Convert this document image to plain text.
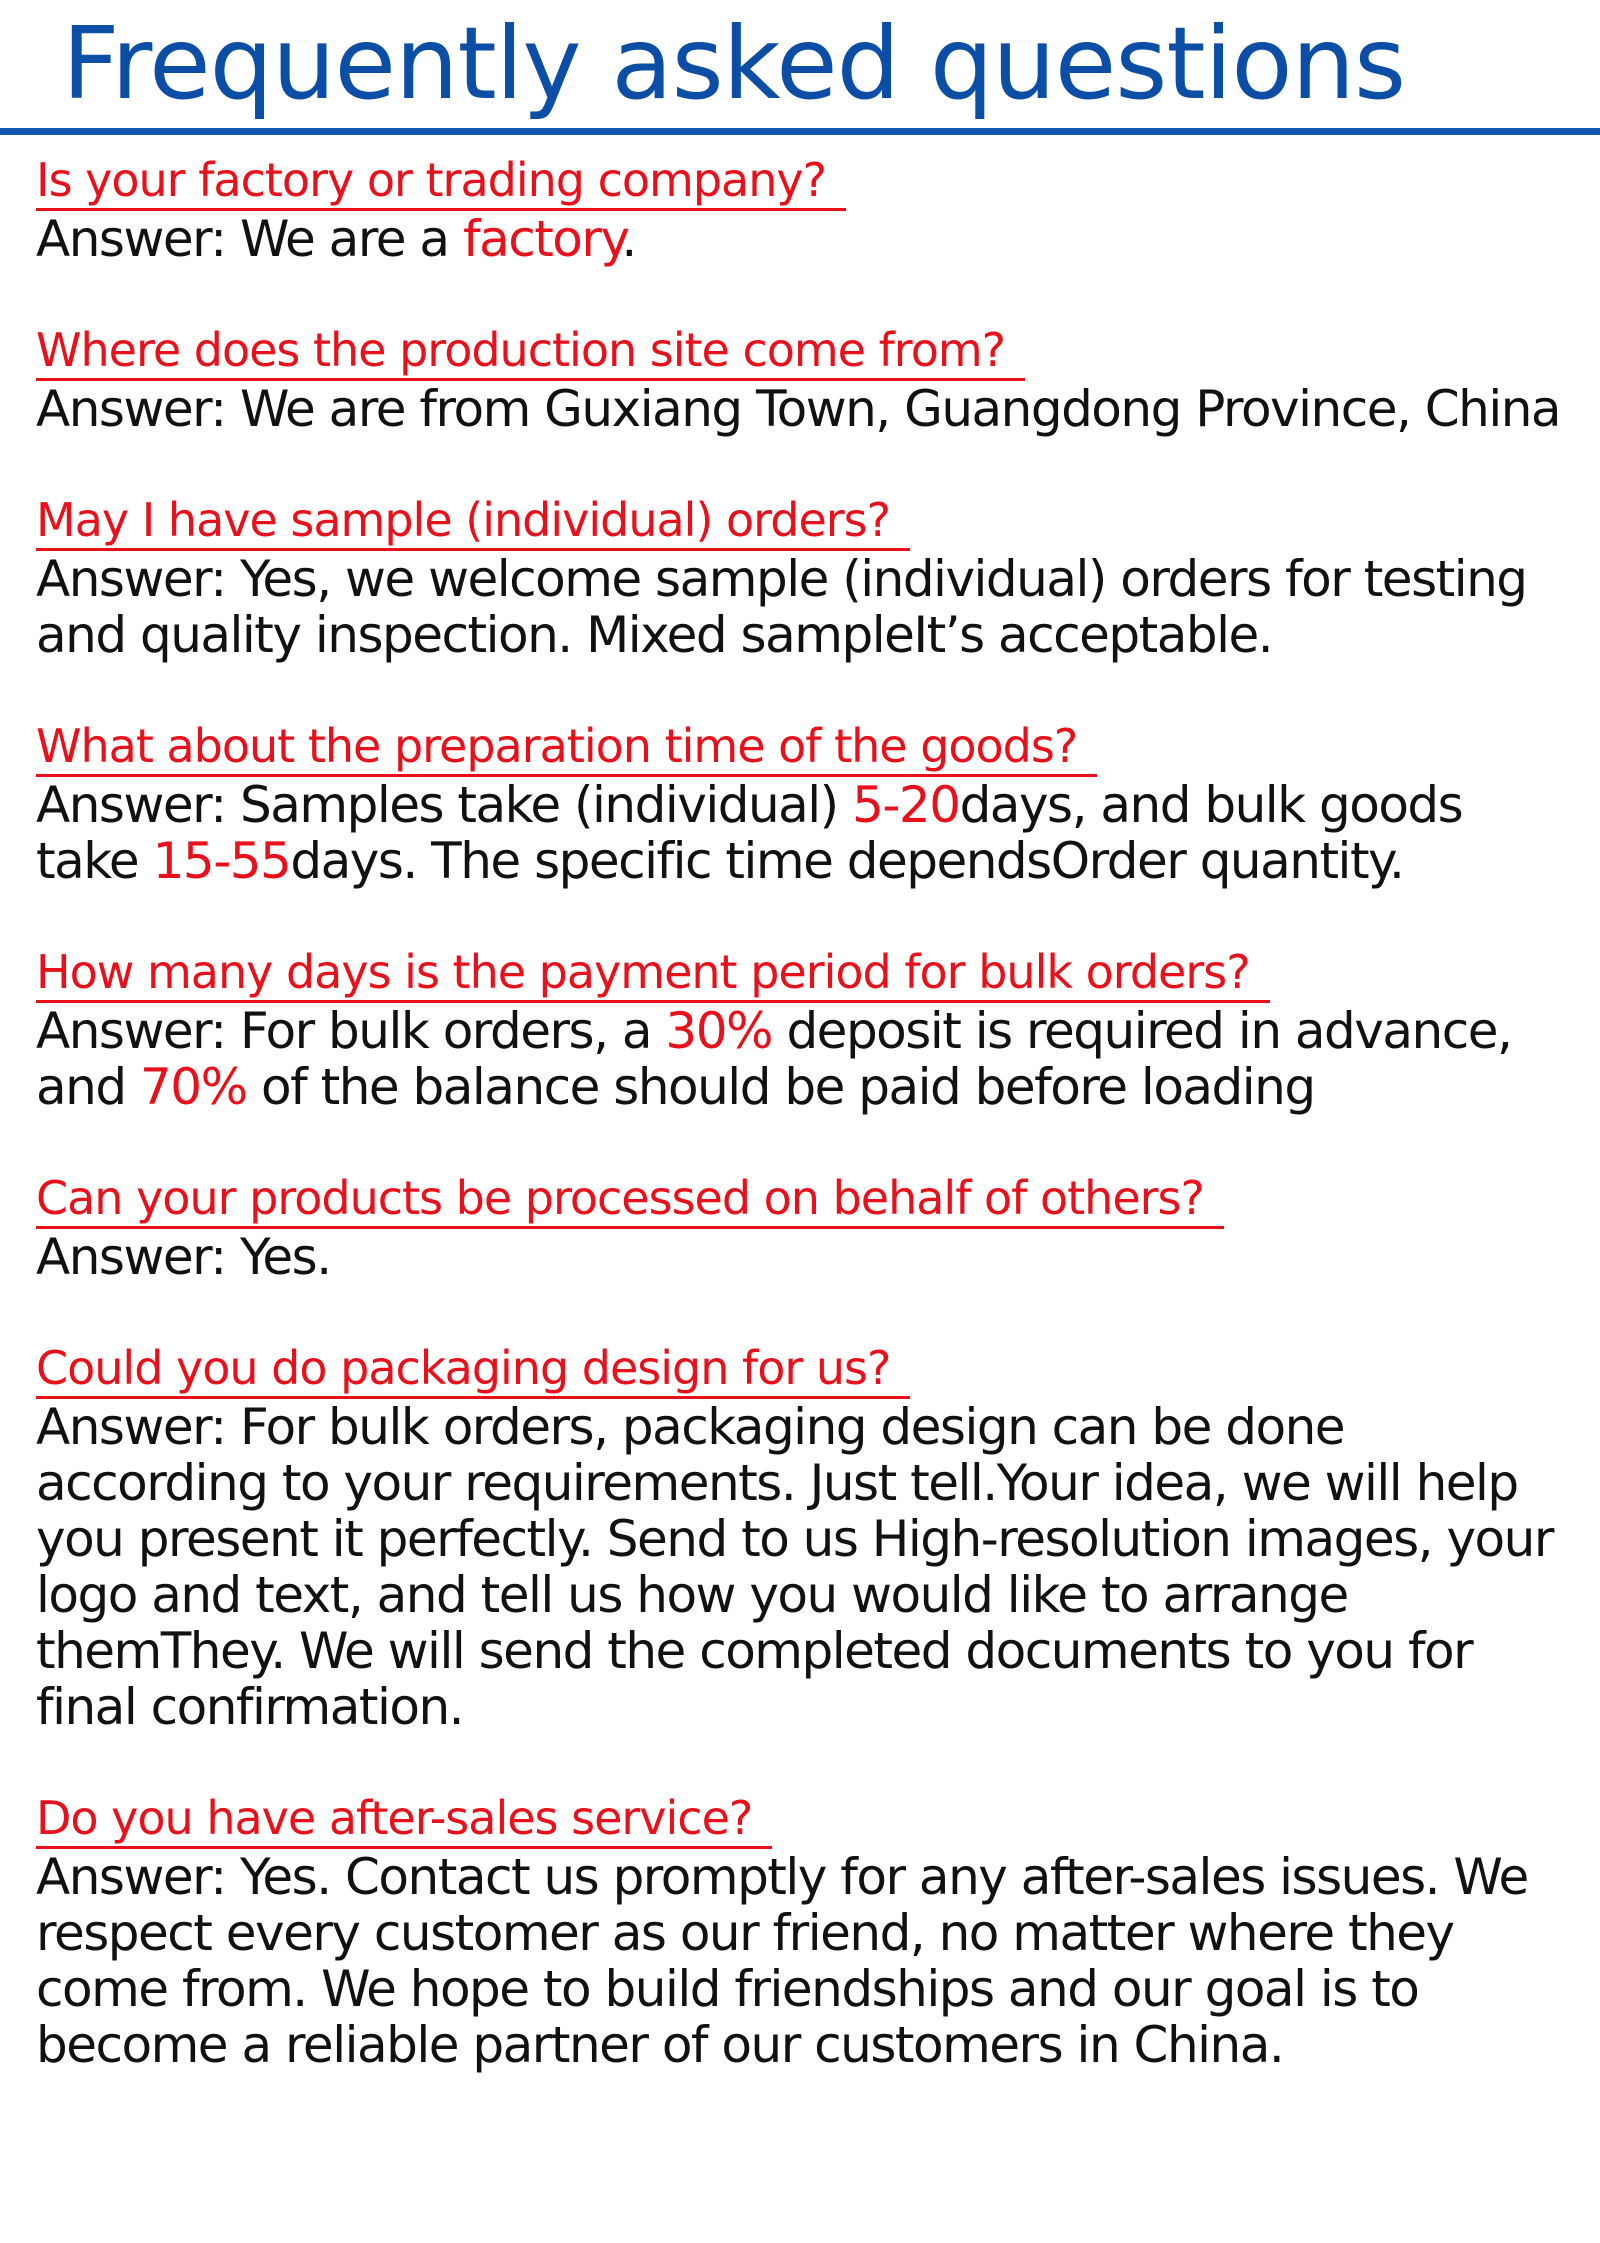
Frequently asked questions
Is your factory or trading company?

Answer: We are a factory.

Where does the production site come from?

Answer: We are from Guxiang Town, Guangdong Province, China

May I have sample (individual) orders?

Answer: Yes, we welcome sample (individual) orders for testing and quality inspection. Mixed sampleIt’s acceptable.

What about the preparation time of the goods?

Answer: Samples take (individual) 5-20days, and bulk goods take 15-55days. The specific time dependsOrder quantity.

How many days is the payment period for bulk orders?

Answer: For bulk orders, a 30% deposit is required in advance, and 70% of the balance should be paid before loading

Can your products be processed on behalf of others?

Answer: Yes.

Could you do packaging design for us?

Answer: For bulk orders, packaging design can be done according to your requirements. Just tell.Your idea, we will help you present it perfectly. Send to us High-resolution images, your logo and text, and tell us how you would like to arrange themThey. We will send the completed documents to you for final confirmation.

Do you have after-sales service?

Answer: Yes. Contact us promptly for any after-sales issues. We respect every customer as our friend, no matter where they come from. We hope to build friendships and our goal is to become a reliable partner of our customers in China.
